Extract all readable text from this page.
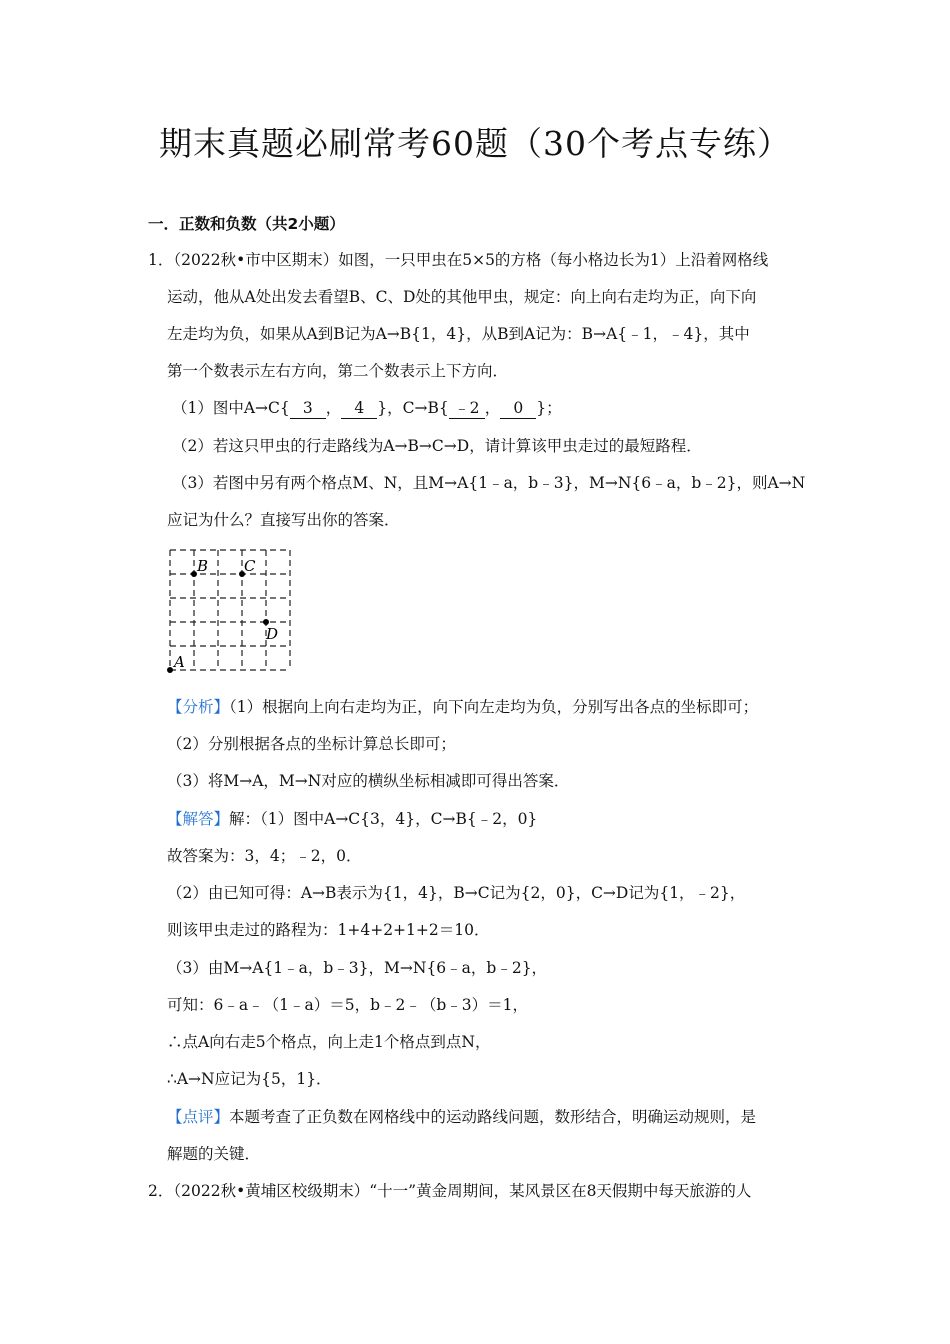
期末真题必刷常考60题（30个考点专练）
一．正数和负数（共2小题）
1．（2022秋•市中区期末）如图，一只甲虫在5×5的方格（每小格边长为1）上沿着网格线
运动，他从A处出发去看望B、C、D处的其他甲虫，规定：向上向右走均为正，向下向
左走均为负，如果从A到B记为A→B{1，4}，从B到A记为：B→A{﹣1，﹣4}，其中
第一个数表示左右方向，第二个数表示上下方向．
（1）图中A→C{ 3 ， 4 }，C→B{ ﹣2 ， 0 }；
（2）若这只甲虫的行走路线为A→B→C→D，请计算该甲虫走过的最短路程．
（3）若图中另有两个格点M、N，且M→A{1﹣a，b﹣3}，M→N{6﹣a，b﹣2}，则A→N
应记为什么？直接写出你的答案．
A
B C
D
【分析】（1）根据向上向右走均为正，向下向左走均为负，分别写出各点的坐标即可；
（2）分别根据各点的坐标计算总长即可；
（3）将M→A，M→N对应的横纵坐标相减即可得出答案．
【解答】解：（1）图中A→C{3，4}，C→B{﹣2，0}
故答案为：3，4；﹣2，0．
（2）由已知可得：A→B表示为{1，4}，B→C记为{2，0}，C→D记为{1，﹣2}，
则该甲虫走过的路程为：1+4+2+1+2＝10．
（3）由M→A{1﹣a，b﹣3}，M→N{6﹣a，b﹣2}，
可知：6﹣a﹣（1﹣a）＝5，b﹣2﹣（b﹣3）＝1，
∴点A向右走5个格点，向上走1个格点到点N，
∴A→N应记为{5，1}．
【点评】本题考查了正负数在网格线中的运动路线问题，数形结合，明确运动规则，是
解题的关键．
2．（2022秋•黄埔区校级期末）“十一”黄金周期间，某风景区在8天假期中每天旅游的人
